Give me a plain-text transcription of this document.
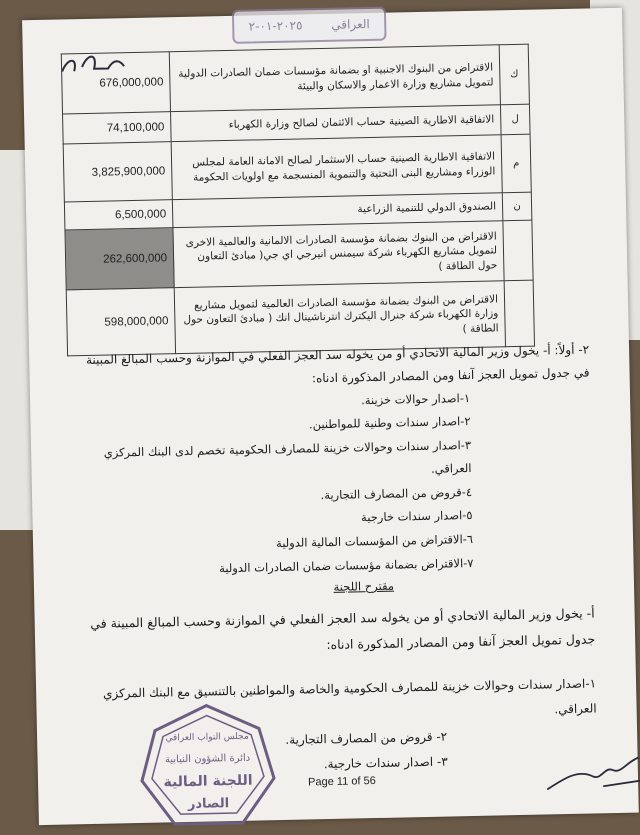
العراقي
٢٠٢٥-٠١-٢
676,000,000	الاقتراض من البنوك الاجنبية او بضمانة مؤسسات ضمان الصادرات الدولية لتمويل مشاريع وزارة الاعمار والاسكان والبيئة	ك
74,100,000	الاتفاقية الاطارية الصينية حساب الائتمان لصالح وزارة الكهرباء	ل
3,825,900,000	الاتفاقية الاطارية الصينية حساب الاستثمار لصالح الامانة العامة لمجلس الوزراء ومشاريع البنى التحتية والتنموية المنسجمة مع اولويات الحكومة	م
6,500,000	الصندوق الدولي للتنمية الزراعية	ن
262,600,000	الاقتراض من البنوك بضمانة مؤسسة الصادرات الالمانية والعالمية الاخرى لتمويل مشاريع الكهرباء شركة سيمنس انيرجي اي جي( مبادئ التعاون حول الطاقة )	
598,000,000	الاقتراض من البنوك بضمانة مؤسسة الصادرات العالمية لتمويل مشاريع وزارة الكهرباء شركة جنرال اليكترك انترناشينال انك ( مبادئ التعاون حول الطاقة )	
٢- أولاً: أ- يخول وزير المالية الاتحادي أو من يخوله سد العجز الفعلي في الموازنة وحسب المبالغ المبينة في جدول تمويل العجز آنفا ومن المصادر المذكورة ادناه:
١-اصدار حوالات خزينة.
٢-اصدار سندات وطنية للمواطنين.
٣-اصدار سندات وحوالات خزينة للمصارف الحكومية تخصم لدى البنك المركزي العراقي.
٤-قروض من المصارف التجارية.
٥-اصدار سندات خارجية
٦-الاقتراض من المؤسسات المالية الدولية
٧-الاقتراض بضمانة مؤسسات ضمان الصادرات الدولية
مقترح اللجنة
أ- يخول وزير المالية الاتحادي أو من يخوله سد العجز الفعلي في الموازنة وحسب المبالغ المبينة في جدول تمويل العجز آنفا ومن المصادر المذكورة ادناه:
١-اصدار سندات وحوالات خزينة للمصارف الحكومية والخاصة والمواطنين بالتنسيق مع البنك المركزي العراقي.
٢- قروض من المصارف التجارية.
٣- اصدار سندات خارجية.
مجلس النواب العراقي
دائرة الشؤون النيابية
اللجنة المالية
الصادر
Page 11 of 56
